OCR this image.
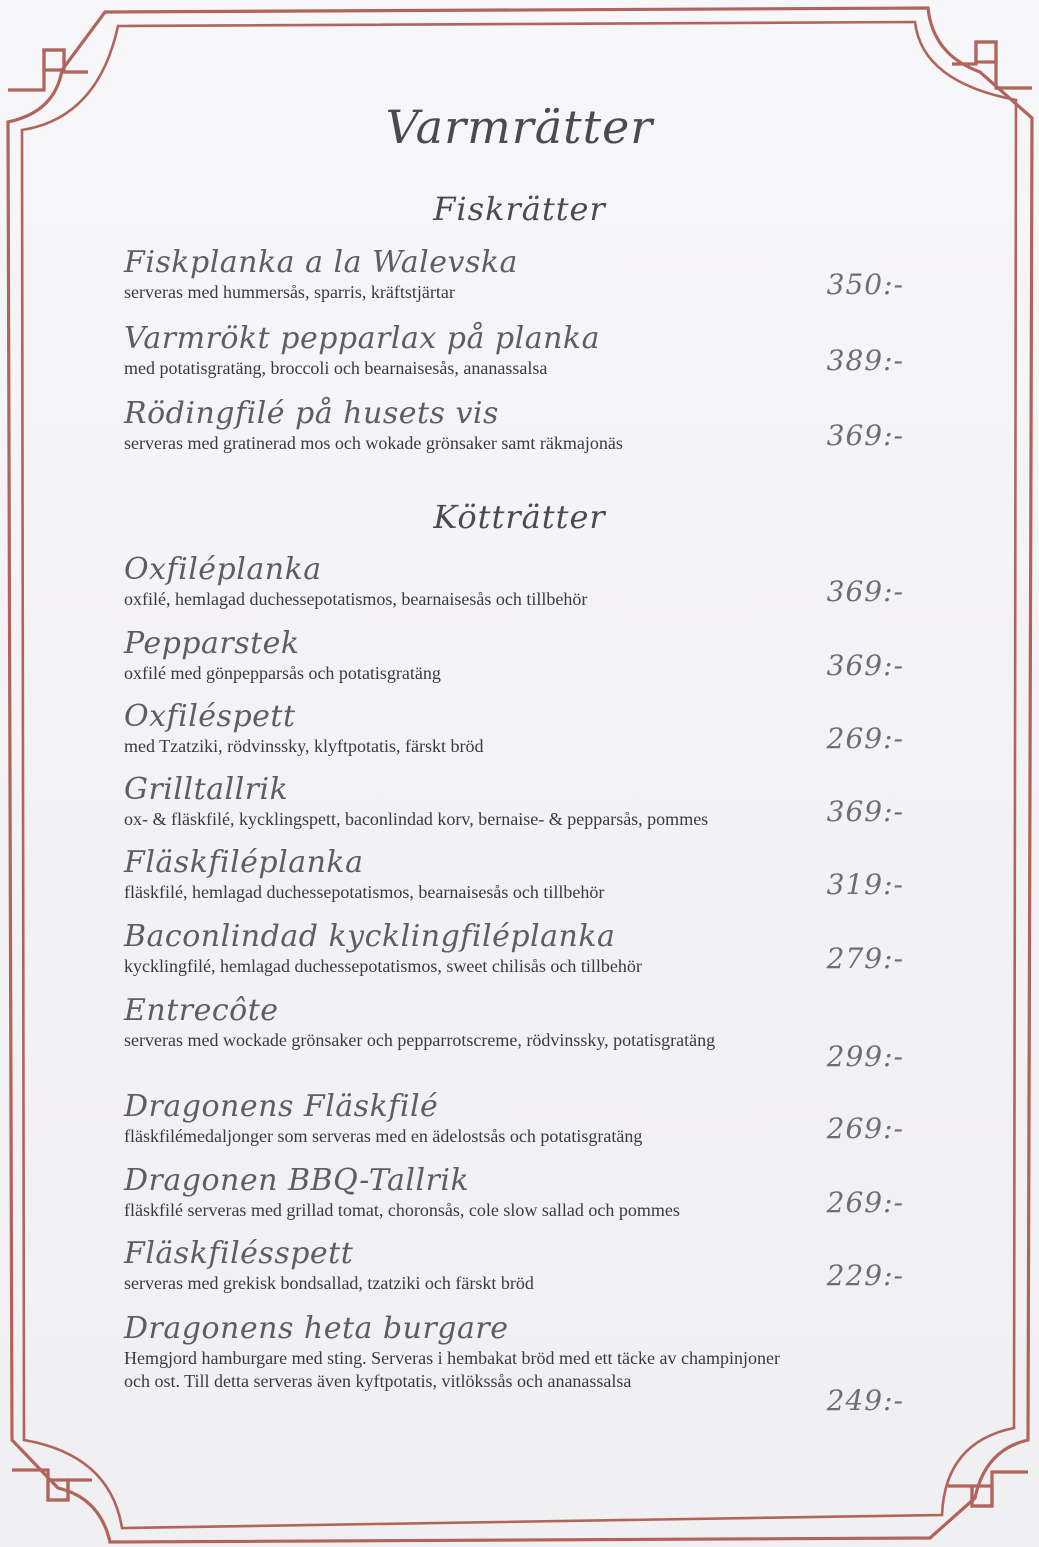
Varmrätter
Fiskrätter
Fiskplanka a la Walevska
serveras med hummersås, sparris, kräftstjärtar	350:-
Varmrökt pepparlax på planka
med potatisgratäng, broccoli och bearnaisesås, ananassalsa	389:-
Rödingfilé på husets vis
serveras med gratinerad mos och wokade grönsaker samt räkmajonäs	369:-
Kötträtter
Oxfiléplanka
oxfilé, hemlagad duchessepotatismos, bearnaisesås och tillbehör	369:-
Pepparstek
oxfilé med gönpepparsås och potatisgratäng	369:-
Oxfiléspett
med Tzatziki, rödvinssky, klyftpotatis, färskt bröd	269:-
Grilltallrik
ox- & fläskfilé, kycklingspett, baconlindad korv, bernaise- & pepparsås, pommes	369:-
Fläskfiléplanka
fläskfilé, hemlagad duchessepotatismos, bearnaisesås och tillbehör	319:-
Baconlindad kycklingfiléplanka
kycklingfilé, hemlagad duchessepotatismos, sweet chilisås och tillbehör	279:-
Entrecôte
serveras med wockade grönsaker och pepparrotscreme, rödvinssky, potatisgratäng	299:-
Dragonens Fläskfilé
fläskfilémedaljonger som serveras med en ädelostsås och potatisgratäng	269:-
Dragonen BBQ-Tallrik
fläskfilé serveras med grillad tomat, choronsås, cole slow sallad och pommes	269:-
Fläskfilésspett
serveras med grekisk bondsallad, tzatziki och färskt bröd	229:-
Dragonens heta burgare
Hemgjord hamburgare med sting. Serveras i hembakat bröd med ett täcke av champinjoner och ost. Till detta serveras även kyftpotatis, vitlökssås och ananassalsa
249:-
